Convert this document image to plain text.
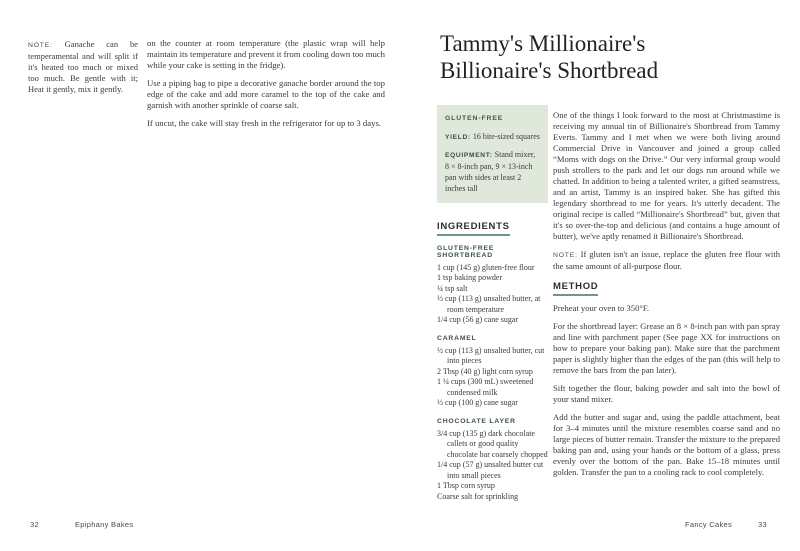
NOTE: Ganache can be temperamental and will split if it's heated too much or mixed too much. Be gentle with it; Heat it gently, mix it gently.

on the counter at room temperature (the plastic wrap will help maintain its temperature and prevent it from cooling down too much while your cake is setting in the fridge).

Use a piping bag to pipe a decorative ganache border around the top edge of the cake and add more caramel to the top of the cake and garnish with another sprinkle of coarse salt.

If uncut, the cake will stay fresh in the refrigerator for up to 3 days.

32	Epiphany Bakes
Tammy's Millionaire's Billionaire's Shortbread
GLUTEN-FREE
YIELD: 16 bite-sized squares
EQUIPMENT: Stand mixer, 8 × 8-inch pan, 9 × 13-inch pan with sides at least 2 inches tall
INGREDIENTS
GLUTEN-FREE SHORTBREAD
1 cup (145 g) gluten-free flour
1 tsp baking powder
¼ tsp salt
½ cup (113 g) unsalted butter, at room temperature
1/4 cup (56 g) cane sugar
CARAMEL
½ cup (113 g) unsalted butter, cut into pieces
2 Tbsp (40 g) light corn syrup
1 ¼ cups (300 mL) sweetened condensed milk
½ cup (100 g) cane sugar
CHOCOLATE LAYER
3/4 cup (135 g) dark chocolate callets or good quality chocolate bar coarsely chopped
1/4 cup (57 g) unsalted butter cut into small pieces
1 Tbsp corn syrup
Coarse salt for sprinkling

One of the things I look forward to the most at Christmastime is receiving my annual tin of Billionaire's Shortbread from Tammy Everts. Tammy and I met when we were both living around Commercial Drive in Vancouver and joined a group called “Moms with dogs on the Drive.” Our very informal group would push strollers to the park and let our dogs run around while we chatted. In addition to being a talented writer, a gifted seamstress, and an artist, Tammy is an inspired baker. She has gifted this legendary shortbread to me for years. It's utterly decadent. The original recipe is called “Millionaire's Shortbread” but, given that it's so over-the-top and delicious (and contains a huge amount of butter), we've aptly renamed it Billionaire's Shortbread.

NOTE: If gluten isn't an issue, replace the gluten free flour with the same amount of all-purpose flour.

METHOD

Preheat your oven to 350°F.

For the shortbread layer: Grease an 8 × 8-inch pan with pan spray and line with parchment paper (See page XX for instructions on how to prepare your baking pan). Make sure that the parchment paper is slightly higher than the edges of the pan (this will help to remove the bars from the pan later).

Sift together the flour, baking powder and salt into the bowl of your stand mixer.

Add the butter and sugar and, using the paddle attachment, beat for 3–4 minutes until the mixture resembles coarse sand and no large pieces of butter remain. Transfer the mixture to the prepared baking pan and, using your hands or the bottom of a glass, press evenly over the bottom of the pan. Bake 15–18 minutes until golden. Transfer the pan to a cooling rack to cool completely.

Fancy Cakes	33
